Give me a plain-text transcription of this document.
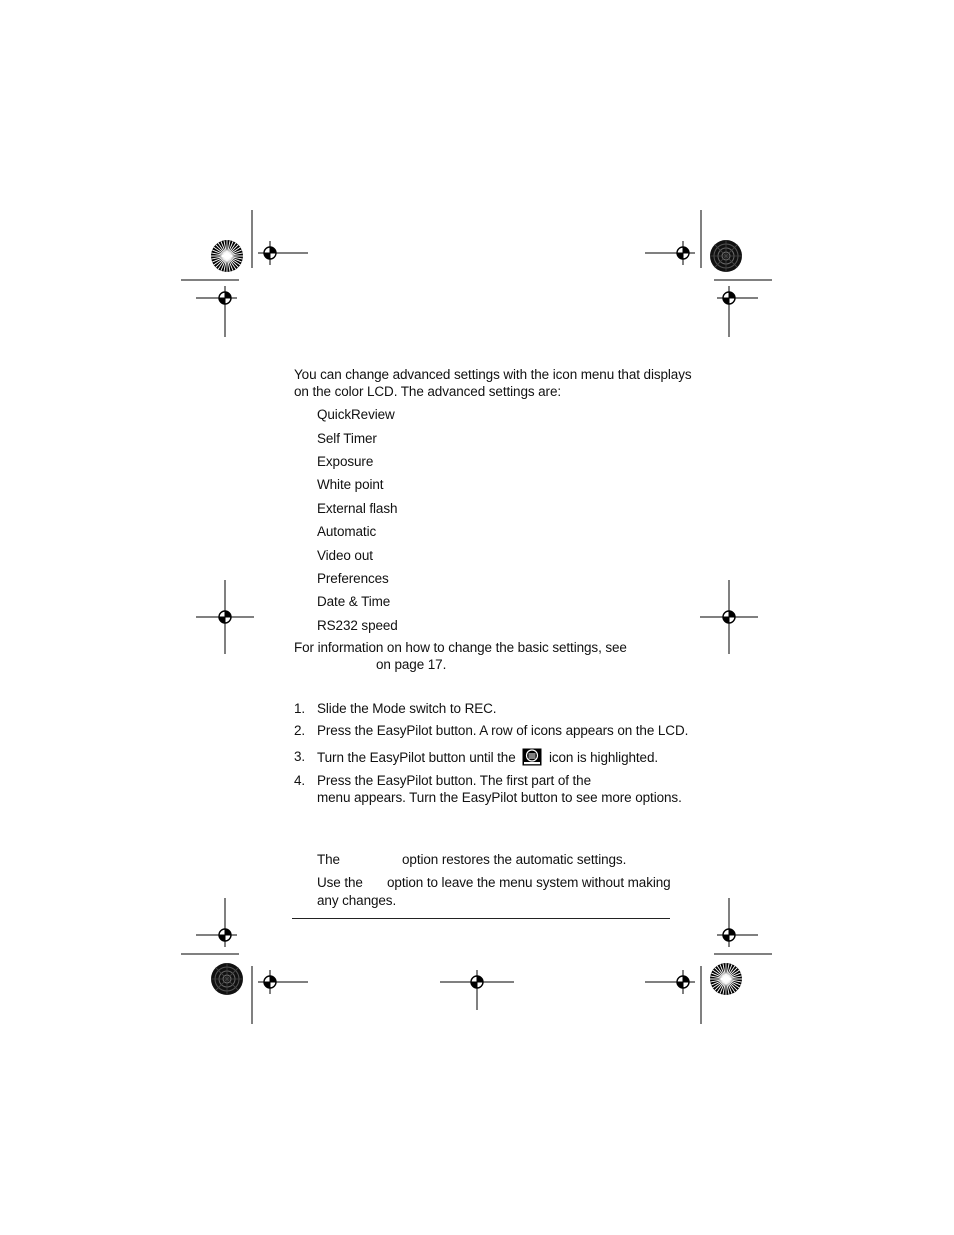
You can change advanced settings with the icon menu that displays
on the color LCD. The advanced settings are:
QuickReview
Self Timer
Exposure
White point
External flash
Automatic
Video out
Preferences
Date & Time
RS232 speed
For information on how to change the basic settings, see
on page 17.
1. Slide the Mode switch to REC.
2. Press the EasyPilot button. A row of icons appears on the LCD.
3. Turn the EasyPilot button until the icon is highlighted.
4. Press the EasyPilot button. The first part of the
menu appears. Turn the EasyPilot button to see more options.
The	option restores the automatic settings.
Use the option to leave the menu system without making
any changes.
